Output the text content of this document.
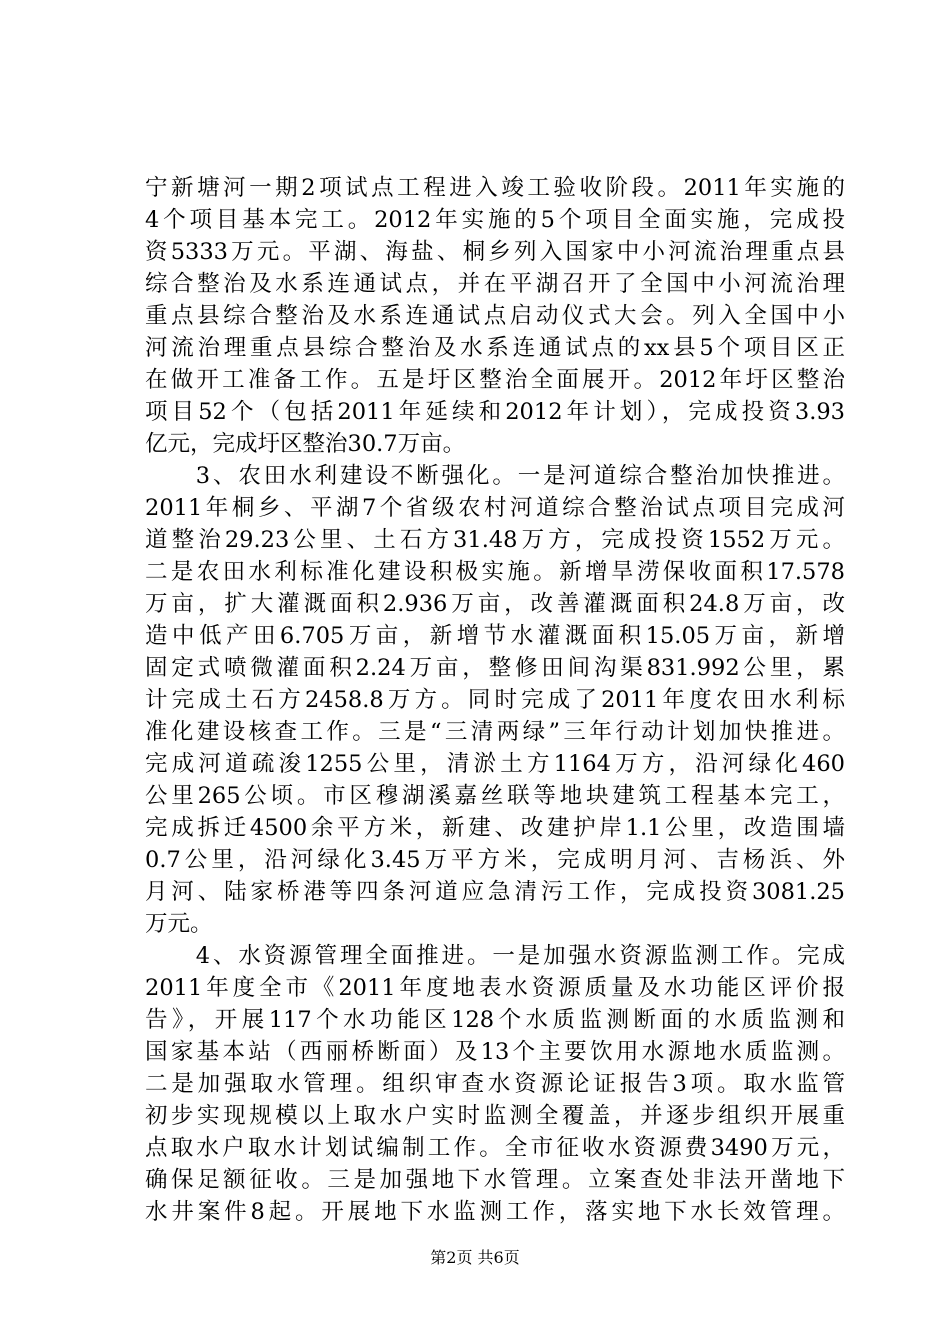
宁新塘河一期2项试点工程进入竣工验收阶段。2011年实施的
4个项目基本完工。2012年实施的5个项目全面实施，完成投
资5333万元。平湖、海盐、桐乡列入国家中小河流治理重点县
综合整治及水系连通试点，并在平湖召开了全国中小河流治理
重点县综合整治及水系连通试点启动仪式大会。列入全国中小
河流治理重点县综合整治及水系连通试点的xx县5个项目区正
在做开工准备工作。五是圩区整治全面展开。2012年圩区整治
项目52个（包括2011年延续和2012年计划），完成投资3.93
亿元，完成圩区整治30.7万亩。
　　3、农田水利建设不断强化。一是河道综合整治加快推进。
2011年桐乡、平湖7个省级农村河道综合整治试点项目完成河
道整治29.23公里、土石方31.48万方，完成投资1552万元。
二是农田水利标准化建设积极实施。新增旱涝保收面积17.578
万亩，扩大灌溉面积2.936万亩，改善灌溉面积24.8万亩，改
造中低产田6.705万亩，新增节水灌溉面积15.05万亩，新增
固定式喷微灌面积2.24万亩，整修田间沟渠831.992公里，累
计完成土石方2458.8万方。同时完成了2011年度农田水利标
准化建设核查工作。三是“三清两绿”三年行动计划加快推进。
完成河道疏浚1255公里，清淤土方1164万方，沿河绿化460
公里265公顷。市区穆湖溪嘉丝联等地块建筑工程基本完工，
完成拆迁4500余平方米，新建、改建护岸1.1公里，改造围墙
0.7公里，沿河绿化3.45万平方米，完成明月河、吉杨浜、外
月河、陆家桥港等四条河道应急清污工作，完成投资3081.25
万元。
　　4、水资源管理全面推进。一是加强水资源监测工作。完成
2011年度全市《2011年度地表水资源质量及水功能区评价报
告》，开展117个水功能区128个水质监测断面的水质监测和
国家基本站（西丽桥断面）及13个主要饮用水源地水质监测。
二是加强取水管理。组织审查水资源论证报告3项。取水监管
初步实现规模以上取水户实时监测全覆盖，并逐步组织开展重
点取水户取水计划试编制工作。全市征收水资源费3490万元，
确保足额征收。三是加强地下水管理。立案查处非法开凿地下
水井案件8起。开展地下水监测工作，落实地下水长效管理。
第2页 共6页
